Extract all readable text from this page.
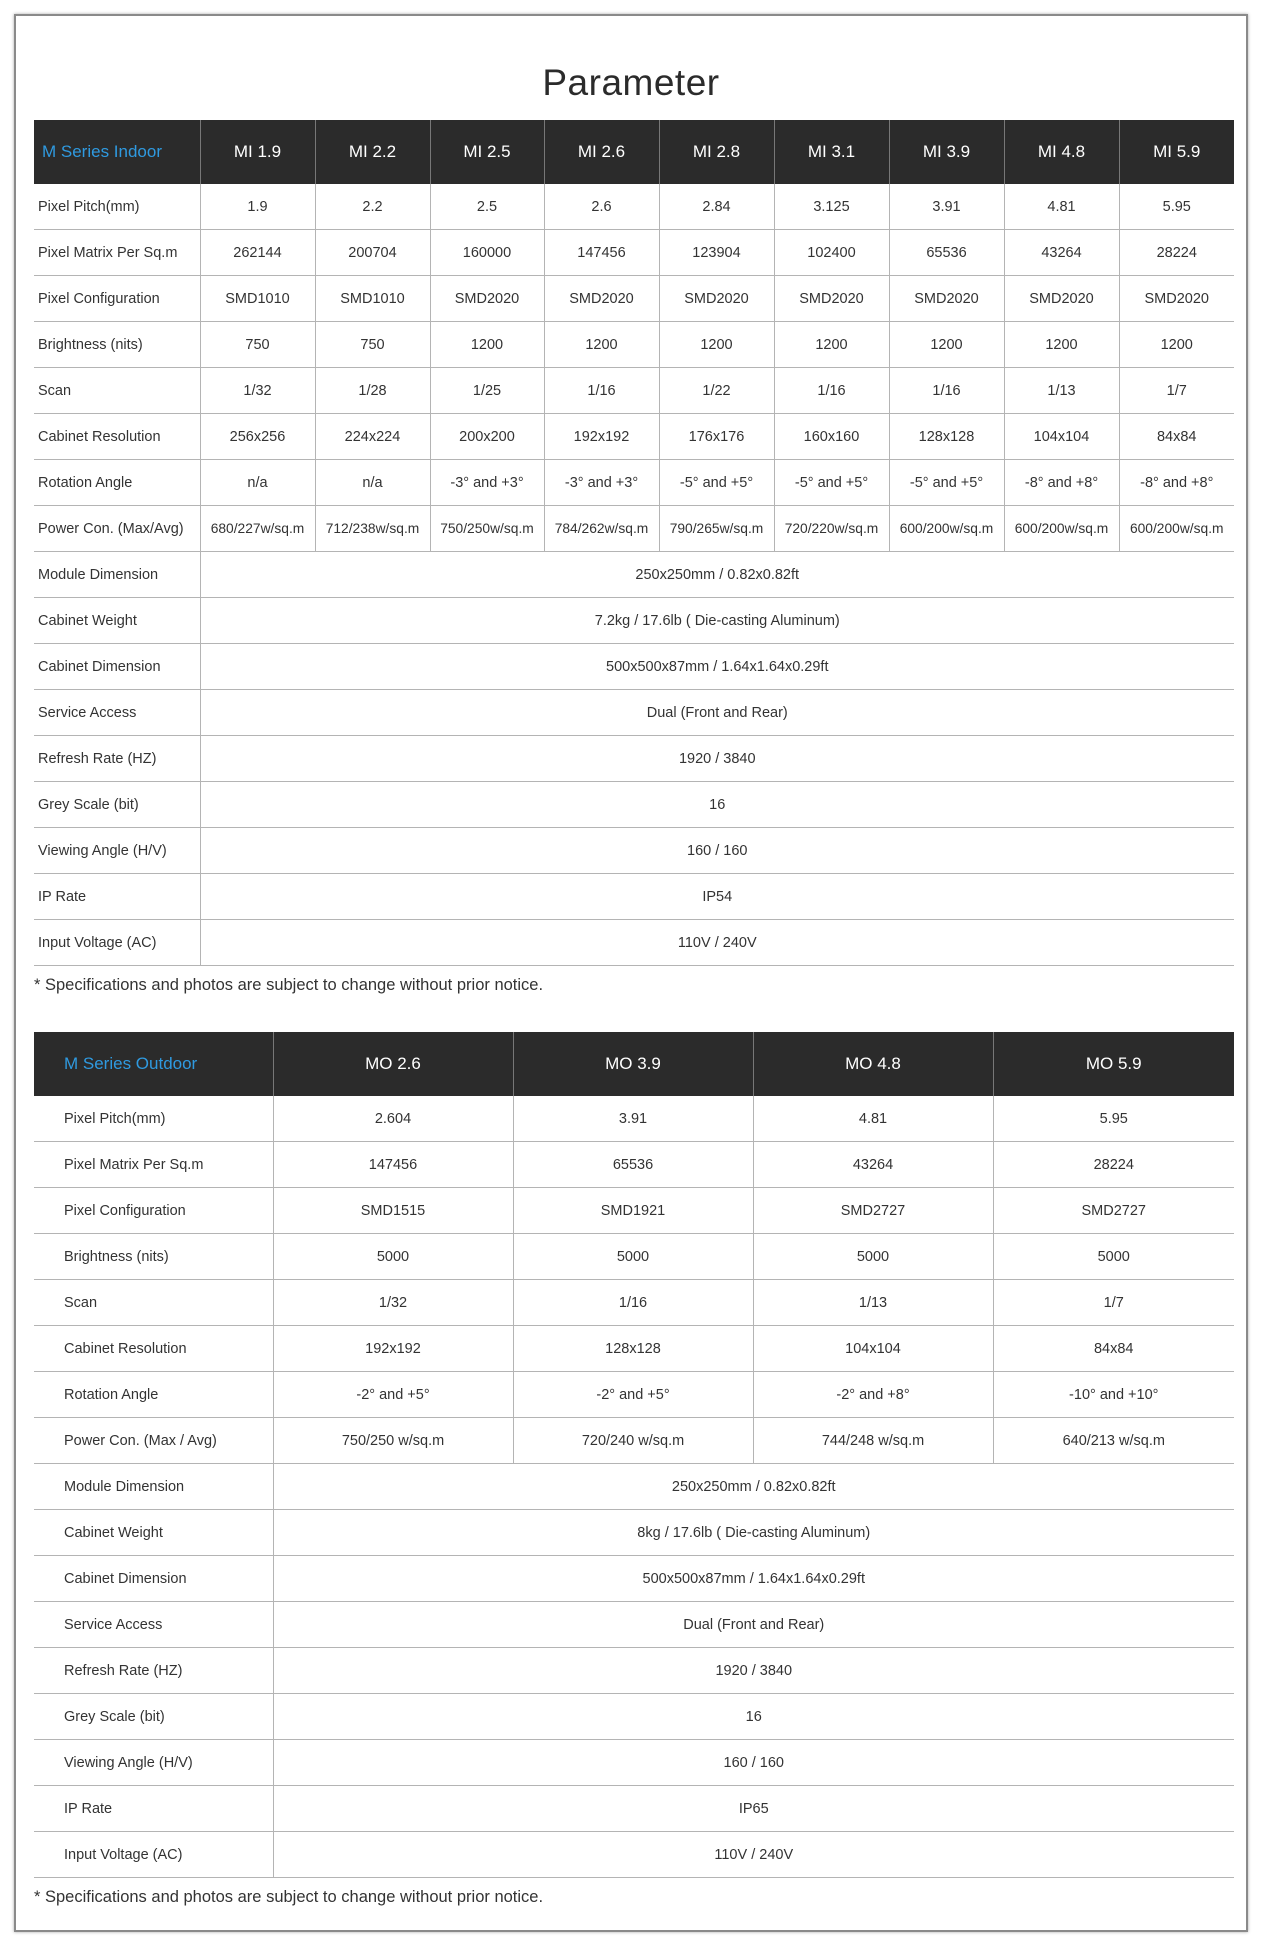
Parameter
M Series Indoor	MI 1.9	MI 2.2	MI 2.5	MI 2.6	MI 2.8	MI 3.1	MI 3.9	MI 4.8	MI 5.9
Pixel Pitch(mm)	1.9	2.2	2.5	2.6	2.84	3.125	3.91	4.81	5.95
Pixel Matrix Per Sq.m	262144	200704	160000	147456	123904	102400	65536	43264	28224
Pixel Configuration	SMD1010	SMD1010	SMD2020	SMD2020	SMD2020	SMD2020	SMD2020	SMD2020	SMD2020
Brightness (nits)	750	750	1200	1200	1200	1200	1200	1200	1200
Scan	1/32	1/28	1/25	1/16	1/22	1/16	1/16	1/13	1/7
Cabinet Resolution	256x256	224x224	200x200	192x192	176x176	160x160	128x128	104x104	84x84
Rotation Angle	n/a	n/a	-3° and +3°	-3° and +3°	-5° and +5°	-5° and +5°	-5° and +5°	-8° and +8°	-8° and +8°
Power Con. (Max/Avg)	680/227w/sq.m	712/238w/sq.m	750/250w/sq.m	784/262w/sq.m	790/265w/sq.m	720/220w/sq.m	600/200w/sq.m	600/200w/sq.m	600/200w/sq.m
Module Dimension	250x250mm / 0.82x0.82ft								
Cabinet Weight	7.2kg / 17.6lb ( Die-casting Aluminum)								
Cabinet Dimension	500x500x87mm / 1.64x1.64x0.29ft								
Service Access	Dual (Front and Rear)								
Refresh Rate (HZ)	1920 / 3840								
Grey Scale (bit)	16								
Viewing Angle (H/V)	160 / 160								
IP Rate	IP54								
Input Voltage (AC)	110V / 240V								
* Specifications and photos are subject to change without prior notice.
M Series Outdoor	MO 2.6	MO 3.9	MO 4.8	MO 5.9
Pixel Pitch(mm)	2.604	3.91	4.81	5.95
Pixel Matrix Per Sq.m	147456	65536	43264	28224
Pixel Configuration	SMD1515	SMD1921	SMD2727	SMD2727
Brightness (nits)	5000	5000	5000	5000
Scan	1/32	1/16	1/13	1/7
Cabinet Resolution	192x192	128x128	104x104	84x84
Rotation Angle	-2° and +5°	-2° and +5°	-2° and +8°	-10° and +10°
Power Con. (Max / Avg)	750/250 w/sq.m	720/240 w/sq.m	744/248 w/sq.m	640/213 w/sq.m
Module Dimension	250x250mm / 0.82x0.82ft			
Cabinet Weight	8kg / 17.6lb ( Die-casting Aluminum)			
Cabinet Dimension	500x500x87mm / 1.64x1.64x0.29ft			
Service Access	Dual (Front and Rear)			
Refresh Rate (HZ)	1920 / 3840			
Grey Scale (bit)	16			
Viewing Angle (H/V)	160 / 160			
IP Rate	IP65			
Input Voltage (AC)	110V / 240V			
* Specifications and photos are subject to change without prior notice.
